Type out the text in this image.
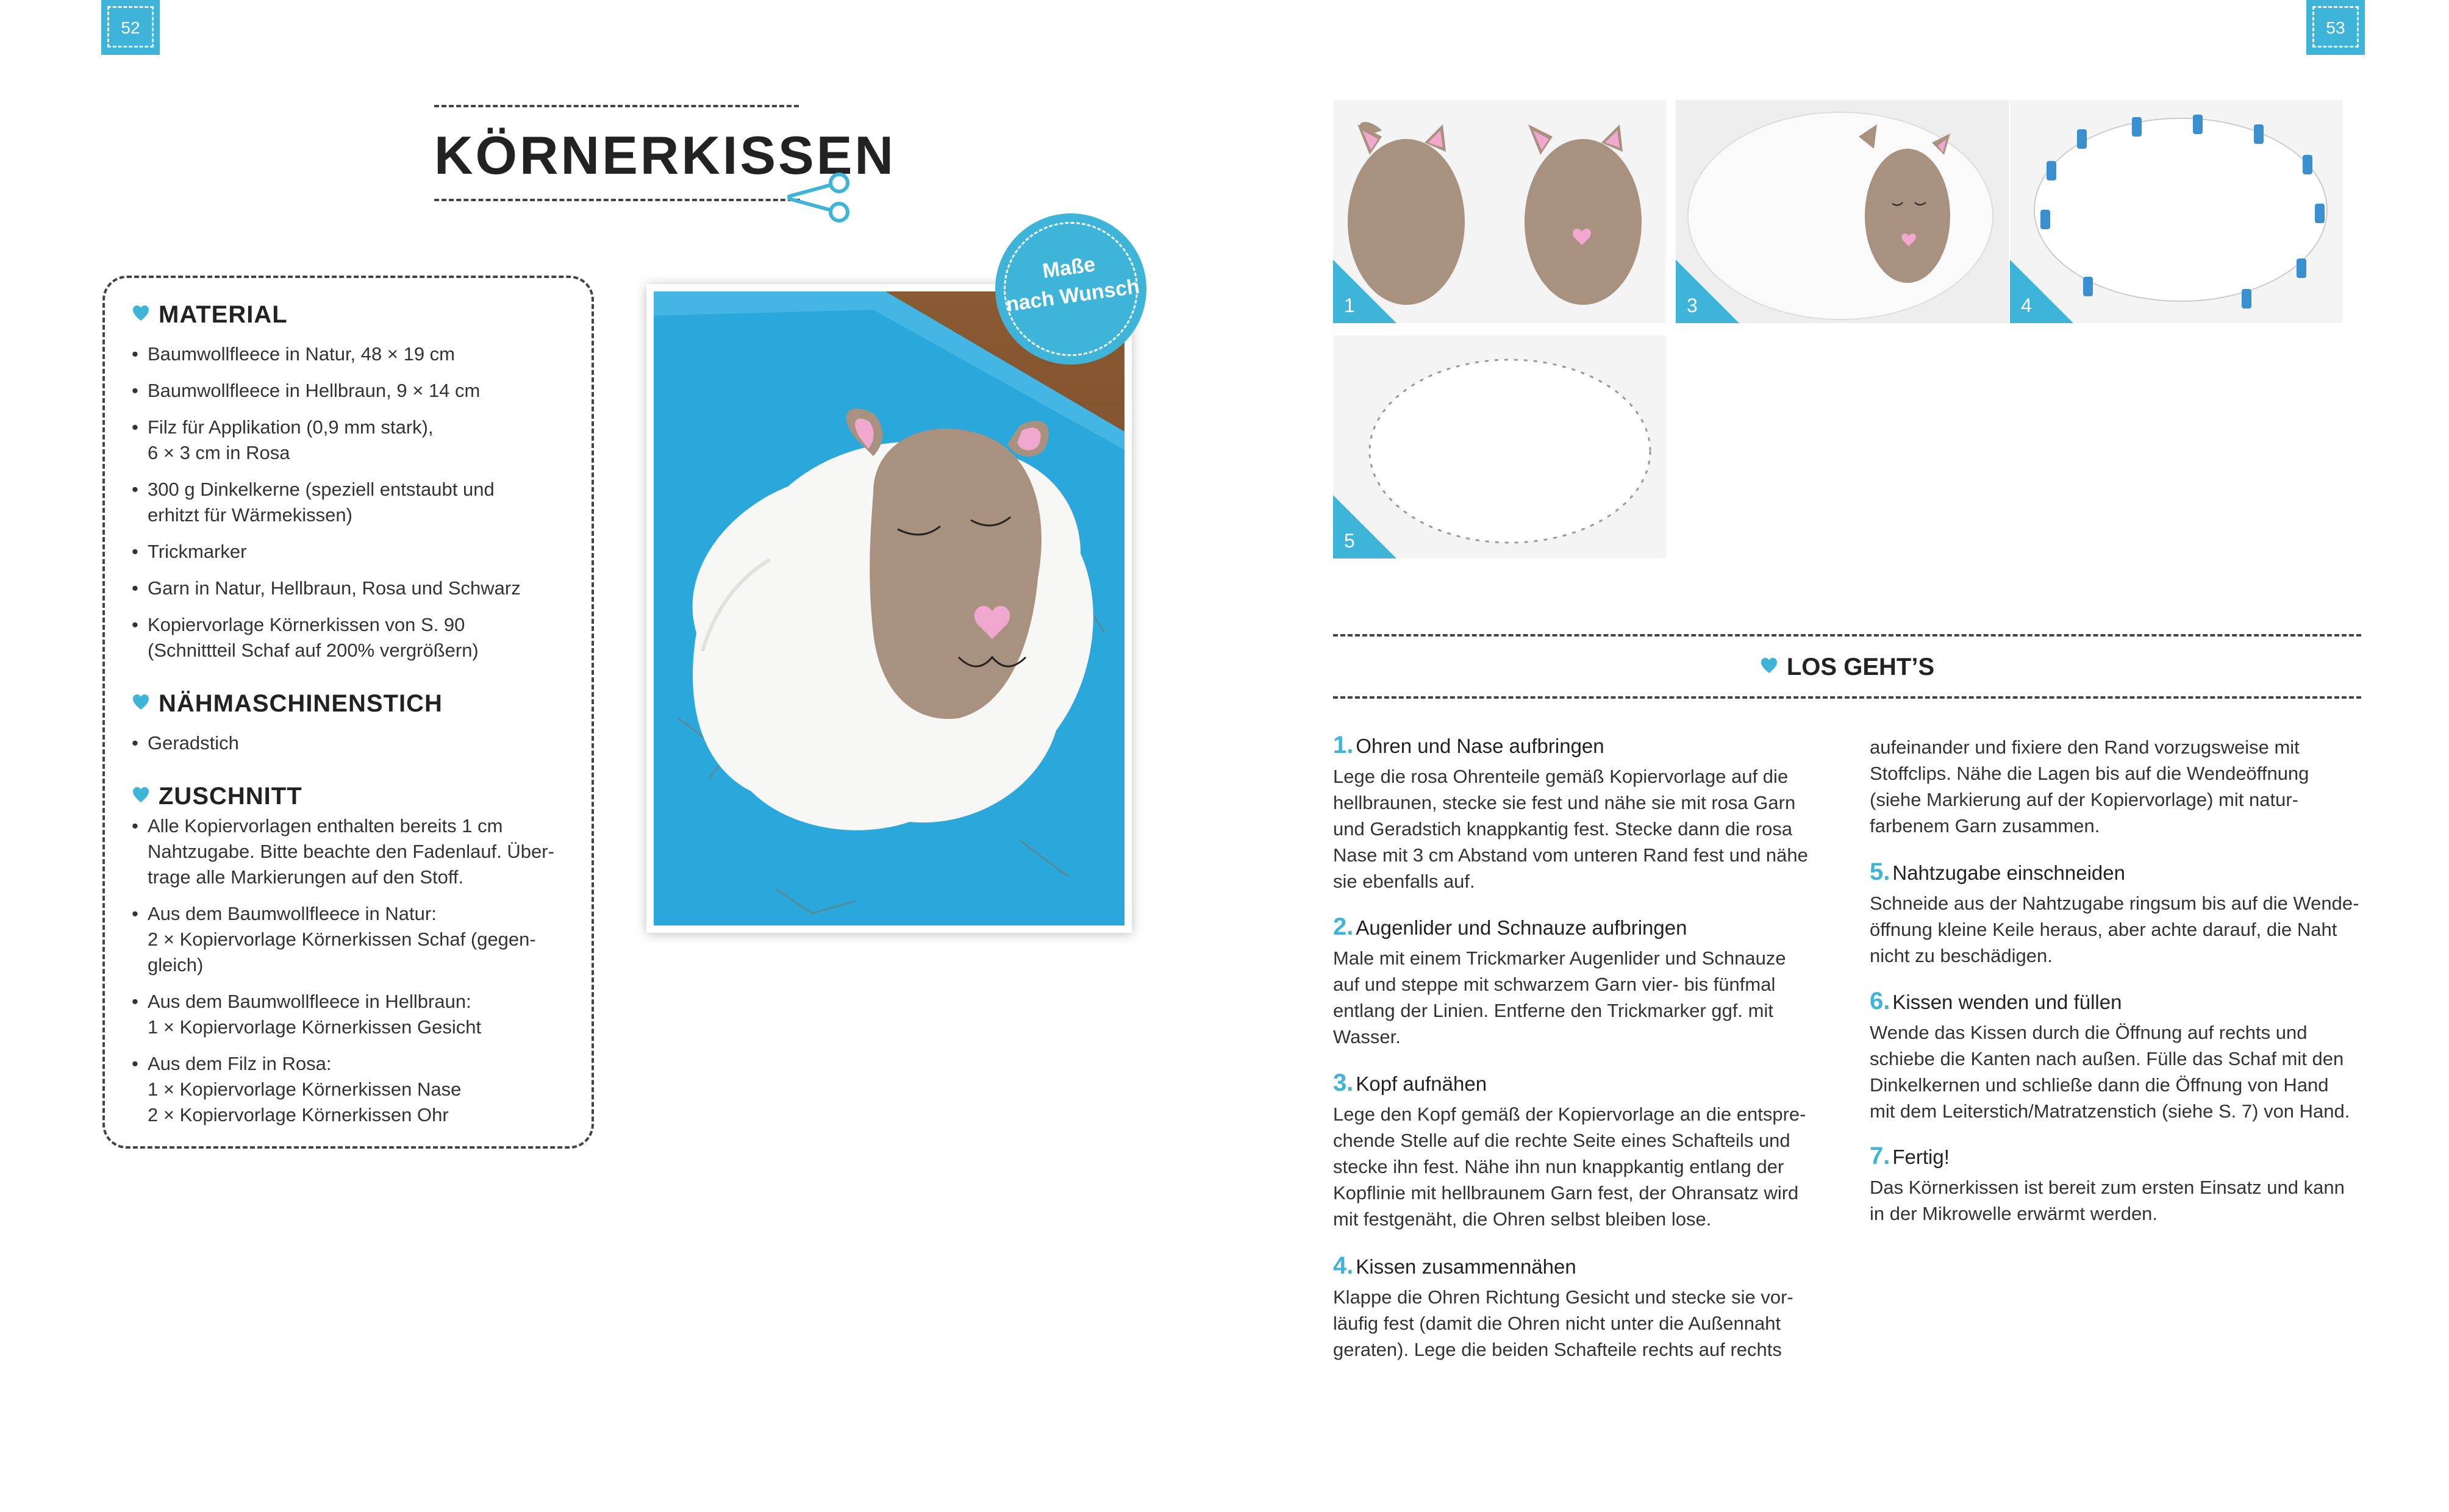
52	53
KÖRNERKISSEN
MATERIAL
• Baumwollfleece in Natur, 48 × 19 cm
• Baumwollfleece in Hellbraun, 9 × 14 cm
• Filz für Applikation (0,9 mm stark),
6 × 3 cm in Rosa
• 300 g Dinkelkerne (speziell entstaubt und
erhitzt für Wärmekissen)
• Trickmarker
• Garn in Natur, Hellbraun, Rosa und Schwarz
• Kopiervorlage Körnerkissen von S. 90
(Schnittteil Schaf auf 200% vergrößern)
NÄHMASCHINENSTICH
• Geradstich
ZUSCHNITT
• Alle Kopiervorlagen enthalten bereits 1 cm
Nahtzugabe. Bitte beachte den Fadenlauf. Über-
trage alle Markierungen auf den Stoff.
• Aus dem Baumwollfleece in Natur:
2 × Kopiervorlage Körnerkissen Schaf (gegen-
gleich)
• Aus dem Baumwollfleece in Hellbraun:
1 × Kopiervorlage Körnerkissen Gesicht
• Aus dem Filz in Rosa:
1 × Kopiervorlage Körnerkissen Nase
2 × Kopiervorlage Körnerkissen Ohr
Maße
nach Wunsch	1	3	4
5
LOS GEHT’S
1. Ohren und Nase aufbringen
Lege die rosa Ohrenteile gemäß Kopiervorlage auf die
hellbraunen, stecke sie fest und nähe sie mit rosa Garn
und Geradstich knappkantig fest. Stecke dann die rosa
Nase mit 3 cm Abstand vom unteren Rand fest und nähe
sie ebenfalls auf.
2. Augenlider und Schnauze aufbringen
Male mit einem Trickmarker Augenlider und Schnauze
auf und steppe mit schwarzem Garn vier- bis fünfmal
entlang der Linien. Entferne den Trickmarker ggf. mit
Wasser.
3. Kopf aufnähen
Lege den Kopf gemäß der Kopiervorlage an die entspre-
chende Stelle auf die rechte Seite eines Schafteils und
stecke ihn fest. Nähe ihn nun knappkantig entlang der
Kopflinie mit hellbraunem Garn fest, der Ohransatz wird
mit festgenäht, die Ohren selbst bleiben lose.
4. Kissen zusammennähen
Klappe die Ohren Richtung Gesicht und stecke sie vor-
läufig fest (damit die Ohren nicht unter die Außennaht
geraten). Lege die beiden Schafteile rechts auf rechts
aufeinander und fixiere den Rand vorzugsweise mit
Stoffclips. Nähe die Lagen bis auf die Wendeöffnung
(siehe Markierung auf der Kopiervorlage) mit natur-
farbenem Garn zusammen.
5. Nahtzugabe einschneiden
Schneide aus der Nahtzugabe ringsum bis auf die Wende-
öffnung kleine Keile heraus, aber achte darauf, die Naht
nicht zu beschädigen.
6. Kissen wenden und füllen
Wende das Kissen durch die Öffnung auf rechts und
schiebe die Kanten nach außen. Fülle das Schaf mit den
Dinkelkernen und schließe dann die Öffnung von Hand
mit dem Leiterstich/Matratzenstich (siehe S. 7) von Hand.
7. Fertig!
Das Körnerkissen ist bereit zum ersten Einsatz und kann
in der Mikrowelle erwärmt werden.
